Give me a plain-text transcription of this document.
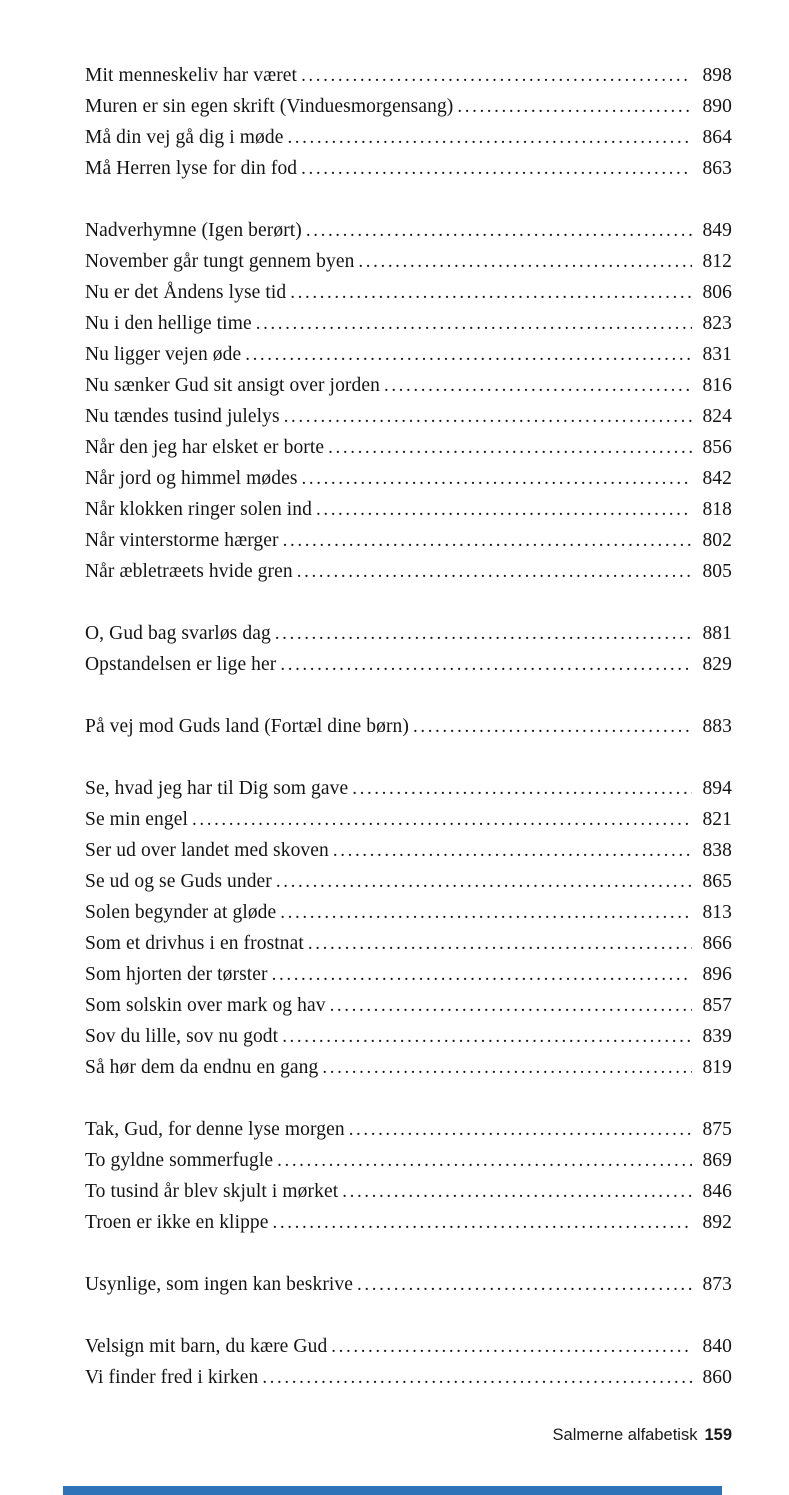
Mit menneskeliv har været .....	898
Muren er sin egen skrift (Vinduesmorgensang) .....	890
Må din vej gå dig i møde .....	864
Må Herren lyse for din fod .....	863
Nadverhymne (Igen berørt) .....	849
November går tungt gennem byen .....	812
Nu er det Åndens lyse tid .....	806
Nu i den hellige time .....	823
Nu ligger vejen øde .....	831
Nu sænker Gud sit ansigt over jorden .....	816
Nu tændes tusind julelys .....	824
Når den jeg har elsket er borte .....	856
Når jord og himmel mødes .....	842
Når klokken ringer solen ind .....	818
Når vinterstorme hærger .....	802
Når æbletræets hvide gren .....	805
O, Gud bag svarløs dag .....	881
Opstandelsen er lige her .....	829
På vej mod Guds land (Fortæl dine børn) .....	883
Se, hvad jeg har til Dig som gave .....	894
Se min engel .....	821
Ser ud over landet med skoven .....	838
Se ud og se Guds under .....	865
Solen begynder at gløde .....	813
Som et drivhus i en frostnat .....	866
Som hjorten der tørster .....	896
Som solskin over mark og hav .....	857
Sov du lille, sov nu godt .....	839
Så hør dem da endnu en gang .....	819
Tak, Gud, for denne lyse morgen .....	875
To gyldne sommerfugle .....	869
To tusind år blev skjult i mørket .....	846
Troen er ikke en klippe .....	892
Usynlige, som ingen kan beskrive .....	873
Velsign mit barn, du kære Gud .....	840
Vi finder fred i kirken .....	860
Salmerne alfabetisk 159
